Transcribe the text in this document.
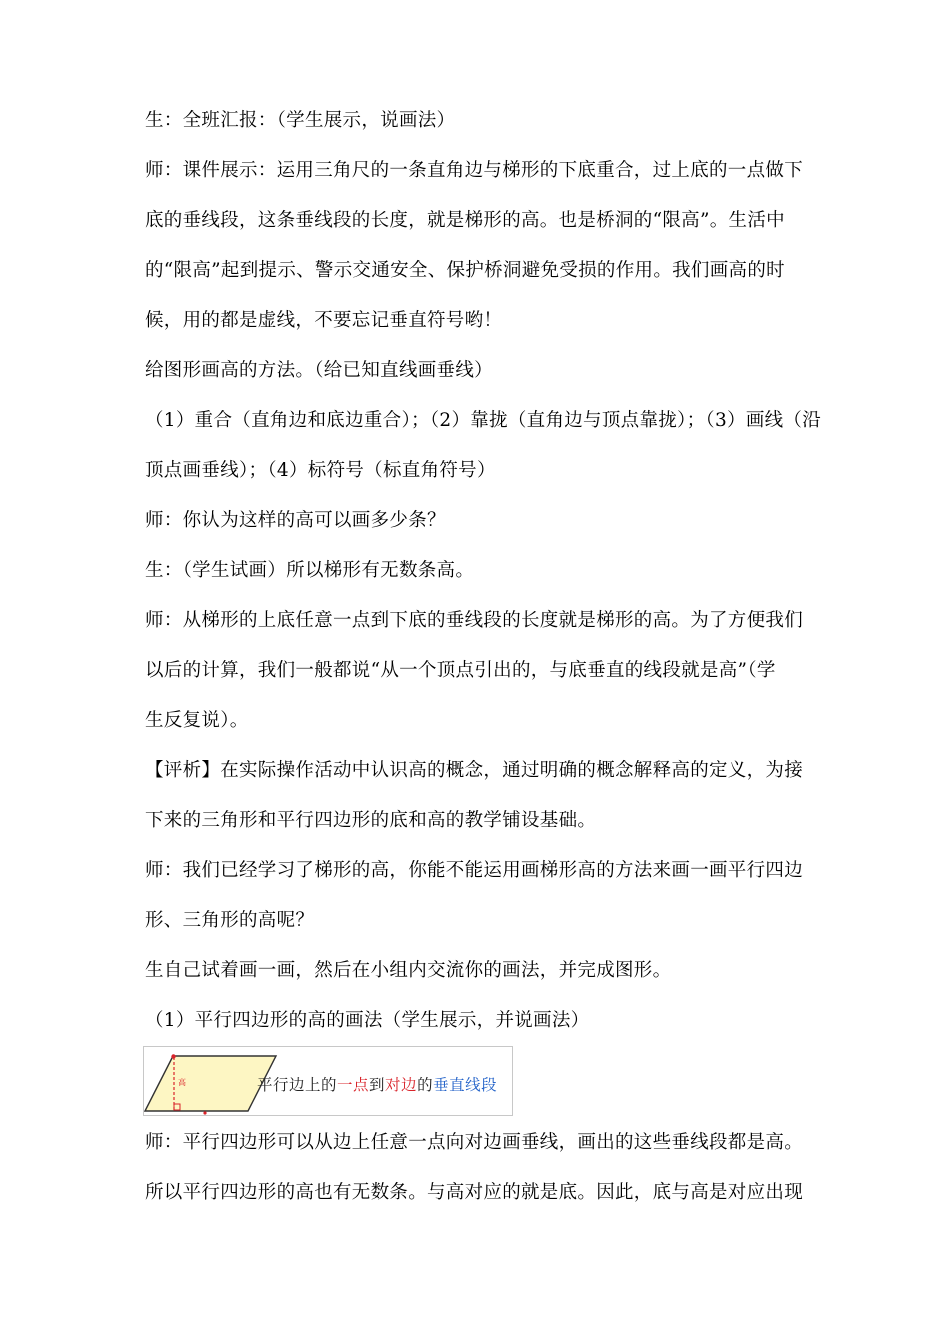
生：全班汇报：（学生展示，说画法）
师：课件展示：运用三角尺的一条直角边与梯形的下底重合，过上底的一点做下
底的垂线段，这条垂线段的长度，就是梯形的高。也是桥洞的“限高”。生活中
的“限高”起到提示、警示交通安全、保护桥洞避免受损的作用。我们画高的时
候，用的都是虚线，不要忘记垂直符号哟！
给图形画高的方法。（给已知直线画垂线）
（1）重合（直角边和底边重合）；（2）靠拢（直角边与顶点靠拢）；（3）画线（沿
顶点画垂线）；（4）标符号（标直角符号）
师：你认为这样的高可以画多少条？
生：（学生试画）所以梯形有无数条高。
师：从梯形的上底任意一点到下底的垂线段的长度就是梯形的高。为了方便我们
以后的计算，我们一般都说“从一个顶点引出的，与底垂直的线段就是高”（学
生反复说）。
【评析】在实际操作活动中认识高的概念，通过明确的概念解释高的定义，为接
下来的三角形和平行四边形的底和高的教学铺设基础。
师：我们已经学习了梯形的高，你能不能运用画梯形高的方法来画一画平行四边
形、三角形的高呢？
生自己试着画一画，然后在小组内交流你的画法，并完成图形。
（1）平行四边形的高的画法（学生展示，并说画法）
高	平行边上的一点到对边的垂直线段
师：平行四边形可以从边上任意一点向对边画垂线，画出的这些垂线段都是高。
所以平行四边形的高也有无数条。与高对应的就是底。因此，底与高是对应出现
